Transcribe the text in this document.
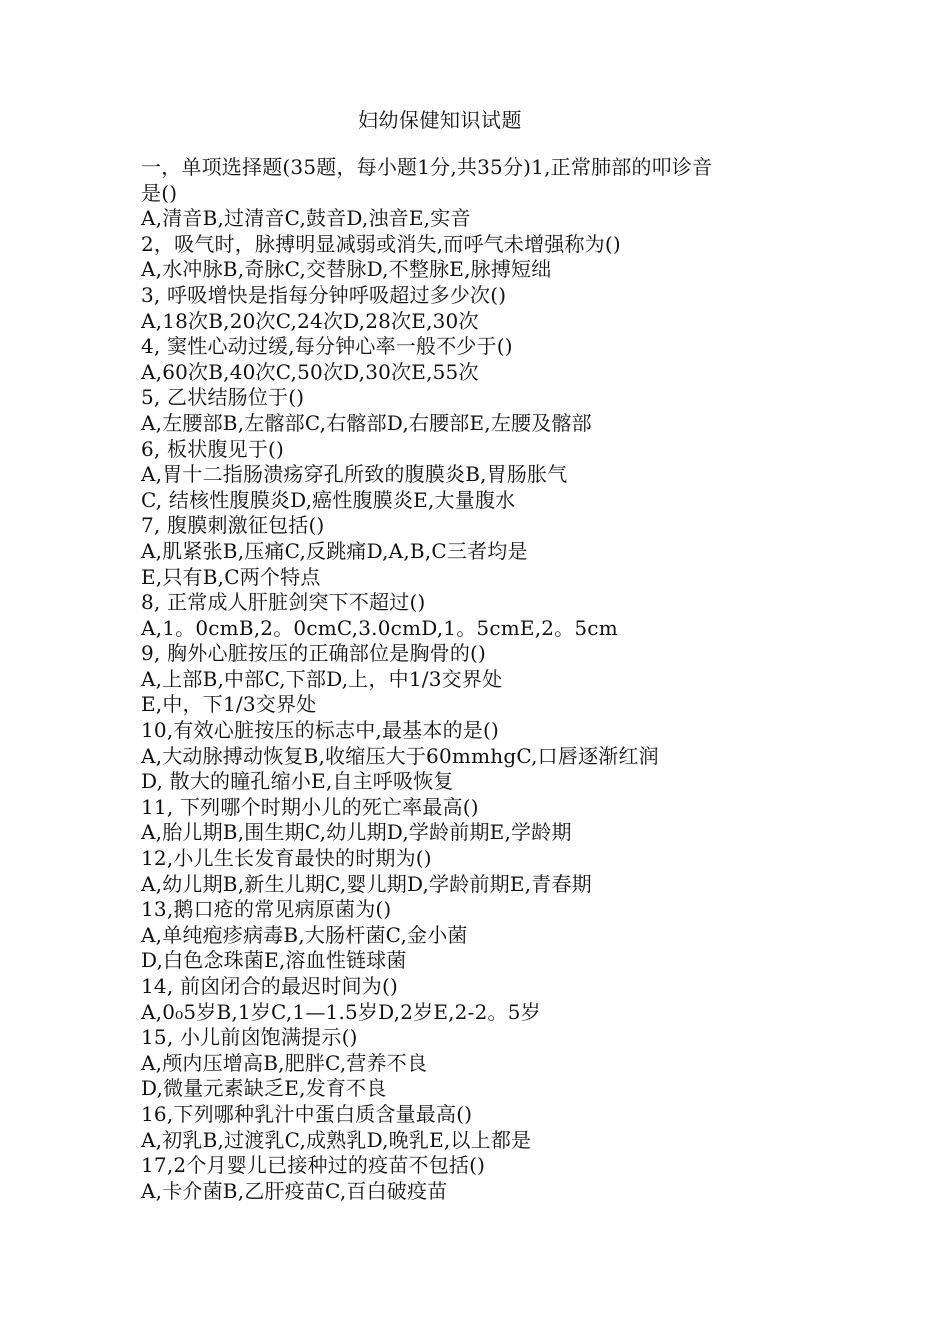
妇幼保健知识试题
一，单项选择题(35题，每小题1分,共35分)1,正常肺部的叩诊音
是()
A,清音B,过清音C,鼓音D,浊音E,实音
2，吸气时，脉搏明显减弱或消失,而呼气未增强称为()
A,水冲脉B,奇脉C,交替脉D,不整脉E,脉搏短绌
3, 呼吸增快是指每分钟呼吸超过多少次()
A,18次B,20次C,24次D,28次E,30次
4, 窦性心动过缓,每分钟心率一般不少于()
A,60次B,40次C,50次D,30次E,55次
5, 乙状结肠位于()
A,左腰部B,左髂部C,右髂部D,右腰部E,左腰及髂部
6, 板状腹见于()
A,胃十二指肠溃疡穿孔所致的腹膜炎B,胃肠胀气
C, 结核性腹膜炎D,癌性腹膜炎E,大量腹水
7, 腹膜刺激征包括()
A,肌紧张B,压痛C,反跳痛D,A,B,C三者均是
E,只有B,C两个特点
8, 正常成人肝脏剑突下不超过()
A,1。0cmB,2。0cmC,3.0cmD,1。5cmE,2。5cm
9, 胸外心脏按压的正确部位是胸骨的()
A,上部B,中部C,下部D,上，中1/3交界处
E,中，下1/3交界处
10,有效心脏按压的标志中,最基本的是()
A,大动脉搏动恢复B,收缩压大于60mmhgC,口唇逐渐红润
D, 散大的瞳孔缩小E,自主呼吸恢复
11, 下列哪个时期小儿的死亡率最高()
A,胎儿期B,围生期C,幼儿期D,学龄前期E,学龄期
12,小儿生长发育最快的时期为()
A,幼儿期B,新生儿期C,婴儿期D,学龄前期E,青春期
13,鹅口疮的常见病原菌为()
A,单纯疱疹病毒B,大肠杆菌C,金小菌
D,白色念珠菌E,溶血性链球菌
14, 前囟闭合的最迟时间为()
A,0₀5岁B,1岁C,1—1.5岁D,2岁E,2-2。5岁
15, 小儿前囟饱满提示()
A,颅内压增高B,肥胖C,营养不良
D,微量元素缺乏E,发育不良
16,下列哪种乳汁中蛋白质含量最高()
A,初乳B,过渡乳C,成熟乳D,晚乳E,以上都是
17,2个月婴儿已接种过的疫苗不包括()
A,卡介菌B,乙肝疫苗C,百白破疫苗
